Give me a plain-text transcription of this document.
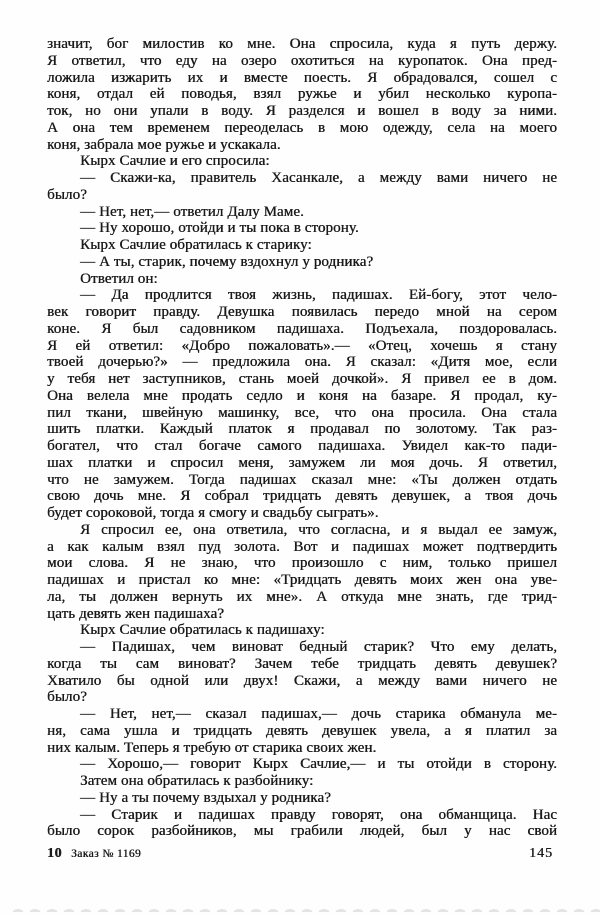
значит, бог милостив ко мне. Она спросила, куда я путь держу.
Я ответил, что еду на озеро охотиться на куропаток. Она пред-
ложила изжарить их и вместе поесть. Я обрадовался, сошел с
коня, отдал ей поводья, взял ружье и убил несколько куропа-
ток, но они упали в воду. Я разделся и вошел в воду за ними.
А она тем временем переоделась в мою одежду, села на моего
коня, забрала мое ружье и ускакала.
Кырх Сачлие и его спросила:
— Скажи-ка, правитель Хасанкале, а между вами ничего не
было?
— Нет, нет,— ответил Далу Маме.
— Ну хорошо, отойди и ты пока в сторону.
Кырх Сачлие обратилась к старику:
— А ты, старик, почему вздохнул у родника?
Ответил он:
— Да продлится твоя жизнь, падишах. Ей-богу, этот чело-
век говорит правду. Девушка появилась передо мной на сером
коне. Я был садовником падишаха. Подъехала, поздоровалась.
Я ей ответил: «Добро пожаловать».— «Отец, хочешь я стану
твоей дочерью?» — предложила она. Я сказал: «Дитя мое, если
у тебя нет заступников, стань моей дочкой». Я привел ее в дом.
Она велела мне продать седло и коня на базаре. Я продал, ку-
пил ткани, швейную машинку, все, что она просила. Она стала
шить платки. Каждый платок я продавал по золотому. Так раз-
богател, что стал богаче самого падишаха. Увидел как-то пади-
шах платки и спросил меня, замужем ли моя дочь. Я ответил,
что не замужем. Тогда падишах сказал мне: «Ты должен отдать
свою дочь мне. Я собрал тридцать девять девушек, а твоя дочь
будет сороковой, тогда я смогу и свадьбу сыграть».
Я спросил ее, она ответила, что согласна, и я выдал ее замуж,
а как калым взял пуд золота. Вот и падишах может подтвердить
мои слова. Я не знаю, что произошло с ним, только пришел
падишах и пристал ко мне: «Тридцать девять моих жен она уве-
ла, ты должен вернуть их мне». А откуда мне знать, где трид-
цать девять жен падишаха?
Кырх Сачлие обратилась к падишаху:
— Падишах, чем виноват бедный старик? Что ему делать,
когда ты сам виноват? Зачем тебе тридцать девять девушек?
Хватило бы одной или двух! Скажи, а между вами ничего не
было?
— Нет, нет,— сказал падишах,— дочь старика обманула ме-
ня, сама ушла и тридцать девять девушек увела, а я платил за
них калым. Теперь я требую от старика своих жен.
— Хорошо,— говорит Кырх Сачлие,— и ты отойди в сторону.
Затем она обратилась к разбойнику:
— Ну а ты почему вздыхал у родника?
— Старик и падишах правду говорят, она обманщица. Нас
было сорок разбойников, мы грабили людей, был у нас свой
10 Заказ № 1169	145
